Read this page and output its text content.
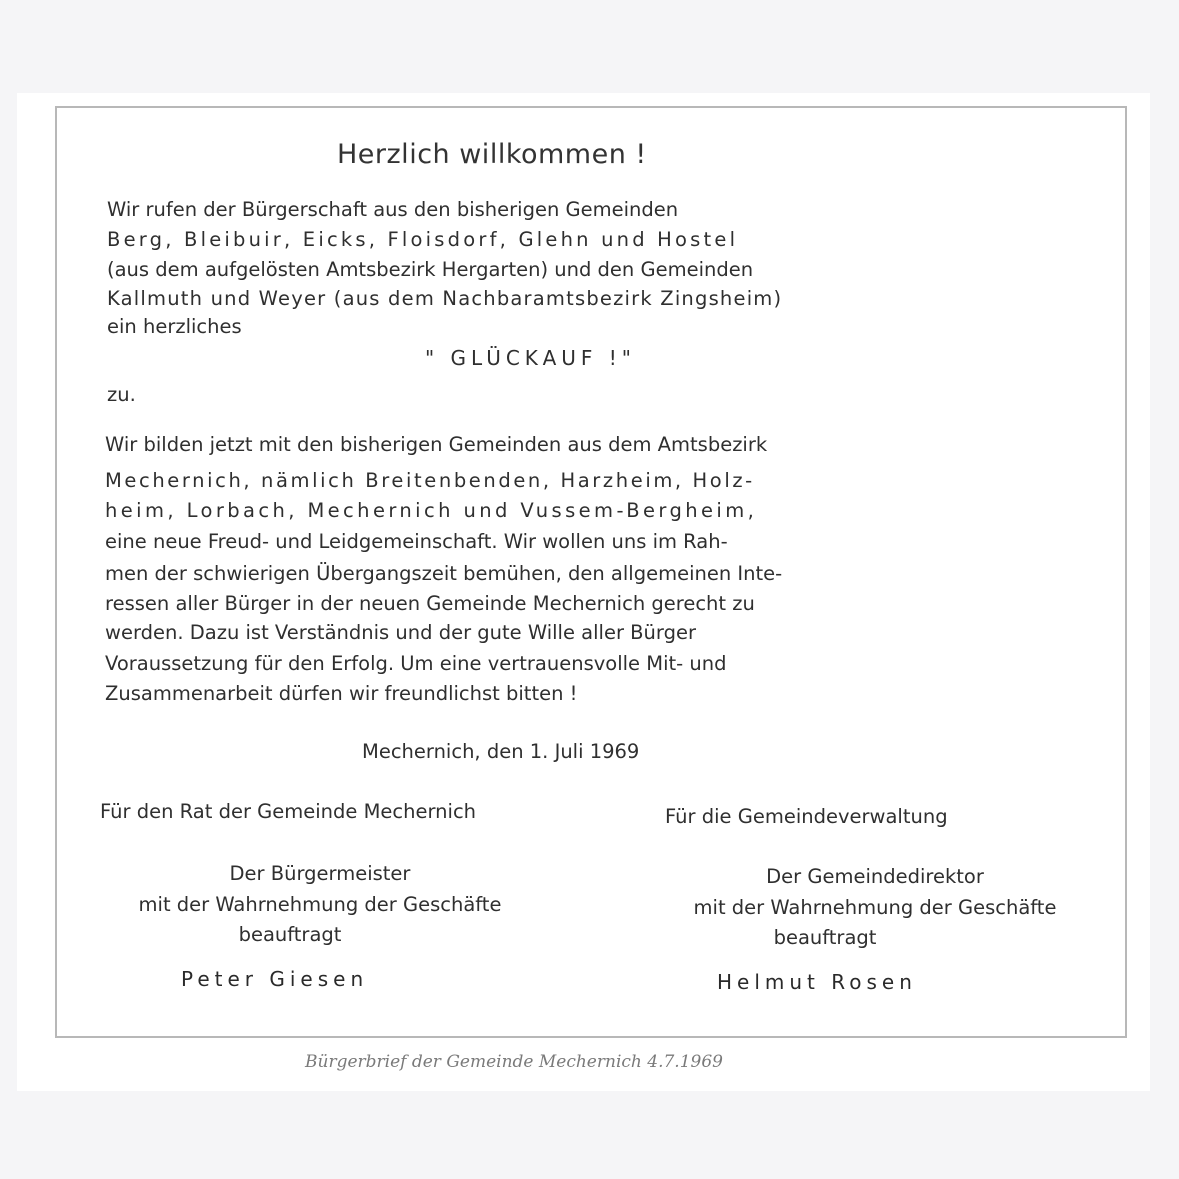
Herzlich willkommen !
Wir rufen der Bürgerschaft aus den bisherigen Gemeinden
Berg, Bleibuir, Eicks, Floisdorf, Glehn und Hostel
(aus dem aufgelösten Amtsbezirk Hergarten) und den Gemeinden
Kallmuth und Weyer (aus dem Nachbaramtsbezirk Zingsheim)
ein herzliches
" GLÜCKAUF !"
zu.
Wir bilden jetzt mit den bisherigen Gemeinden aus dem Amtsbezirk
Mechernich, nämlich Breitenbenden, Harzheim, Holz-
heim, Lorbach, Mechernich und Vussem-Bergheim,
eine neue Freud- und Leidgemeinschaft. Wir wollen uns im Rah-
men der schwierigen Übergangszeit bemühen, den allgemeinen Inte-
ressen aller Bürger in der neuen Gemeinde Mechernich gerecht zu
werden. Dazu ist Verständnis und der gute Wille aller Bürger
Voraussetzung für den Erfolg. Um eine vertrauensvolle Mit- und
Zusammenarbeit dürfen wir freundlichst bitten !
Mechernich, den 1. Juli 1969
Für den Rat der Gemeinde Mechernich	Für die Gemeindeverwaltung
Der Bürgermeister
mit der Wahrnehmung der Geschäfte
beauftragt
Peter Giesen
Der Gemeindedirektor
mit der Wahrnehmung der Geschäfte
beauftragt
Helmut Rosen
Bürgerbrief der Gemeinde Mechernich 4.7.1969
